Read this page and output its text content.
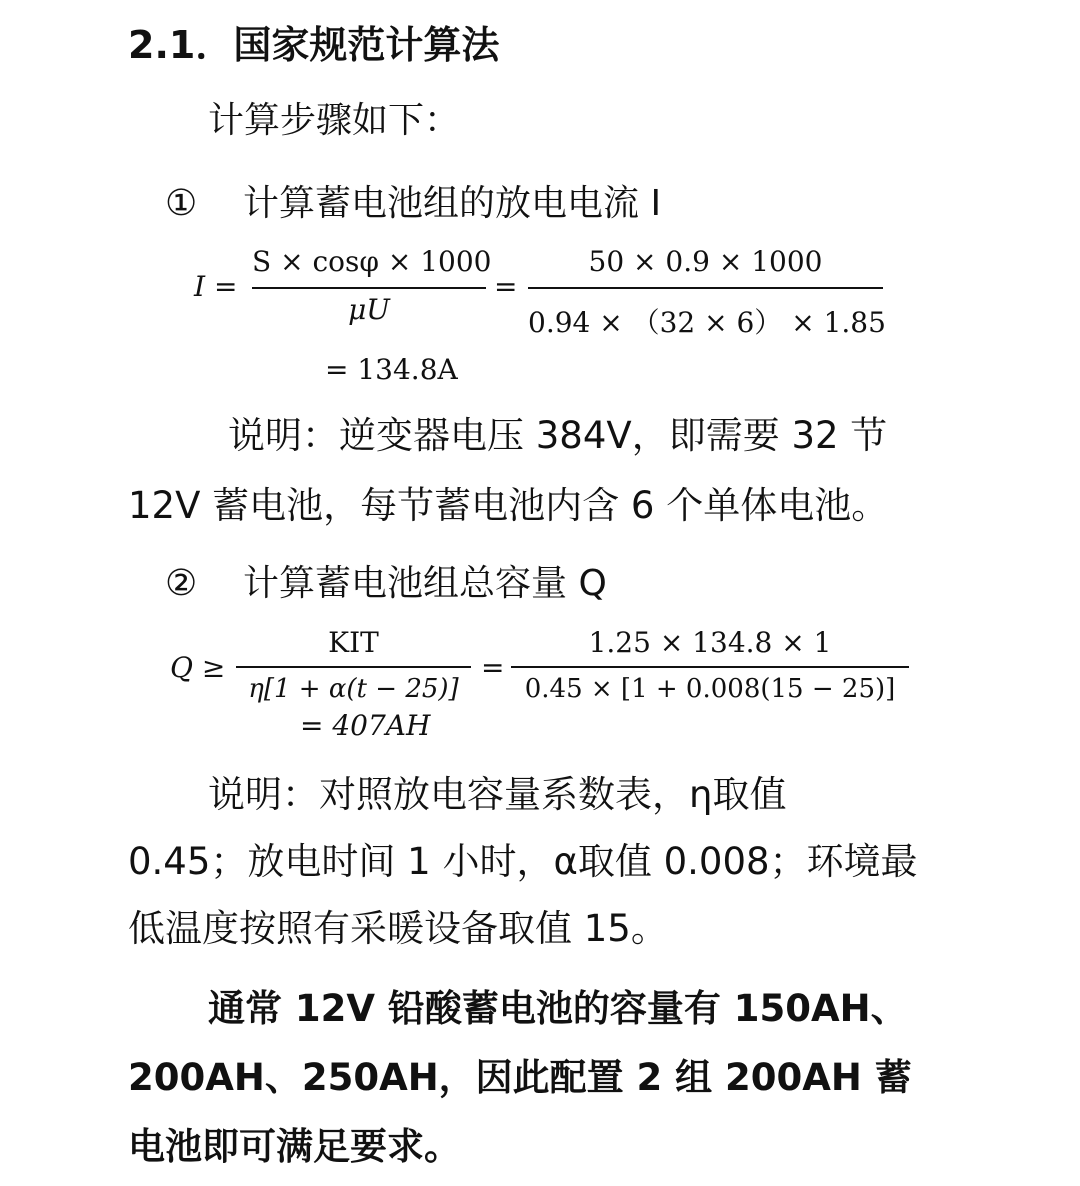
2.1．国家规范计算法
计算步骤如下：
① 计算蓄电池组的放电电流 I
I =
S × cosφ × 1000
μU
=
50 × 0.9 × 1000
0.94 × （32 × 6） × 1.85
= 134.8A
说明：逆变器电压 384V，即需要 32 节
12V 蓄电池，每节蓄电池内含 6 个单体电池。
② 计算蓄电池组总容量 Q
Q ≥
KIT
η[1 + α(t − 25)]
=
1.25 × 134.8 × 1
0.45 × [1 + 0.008(15 − 25)]
= 407AH
说明：对照放电容量系数表，η取值
0.45；放电时间 1 小时，α取值 0.008；环境最
低温度按照有采暖设备取值 15。
通常 12V 铅酸蓄电池的容量有 150AH、
200AH、250AH，因此配置 2 组 200AH 蓄
电池即可满足要求。
